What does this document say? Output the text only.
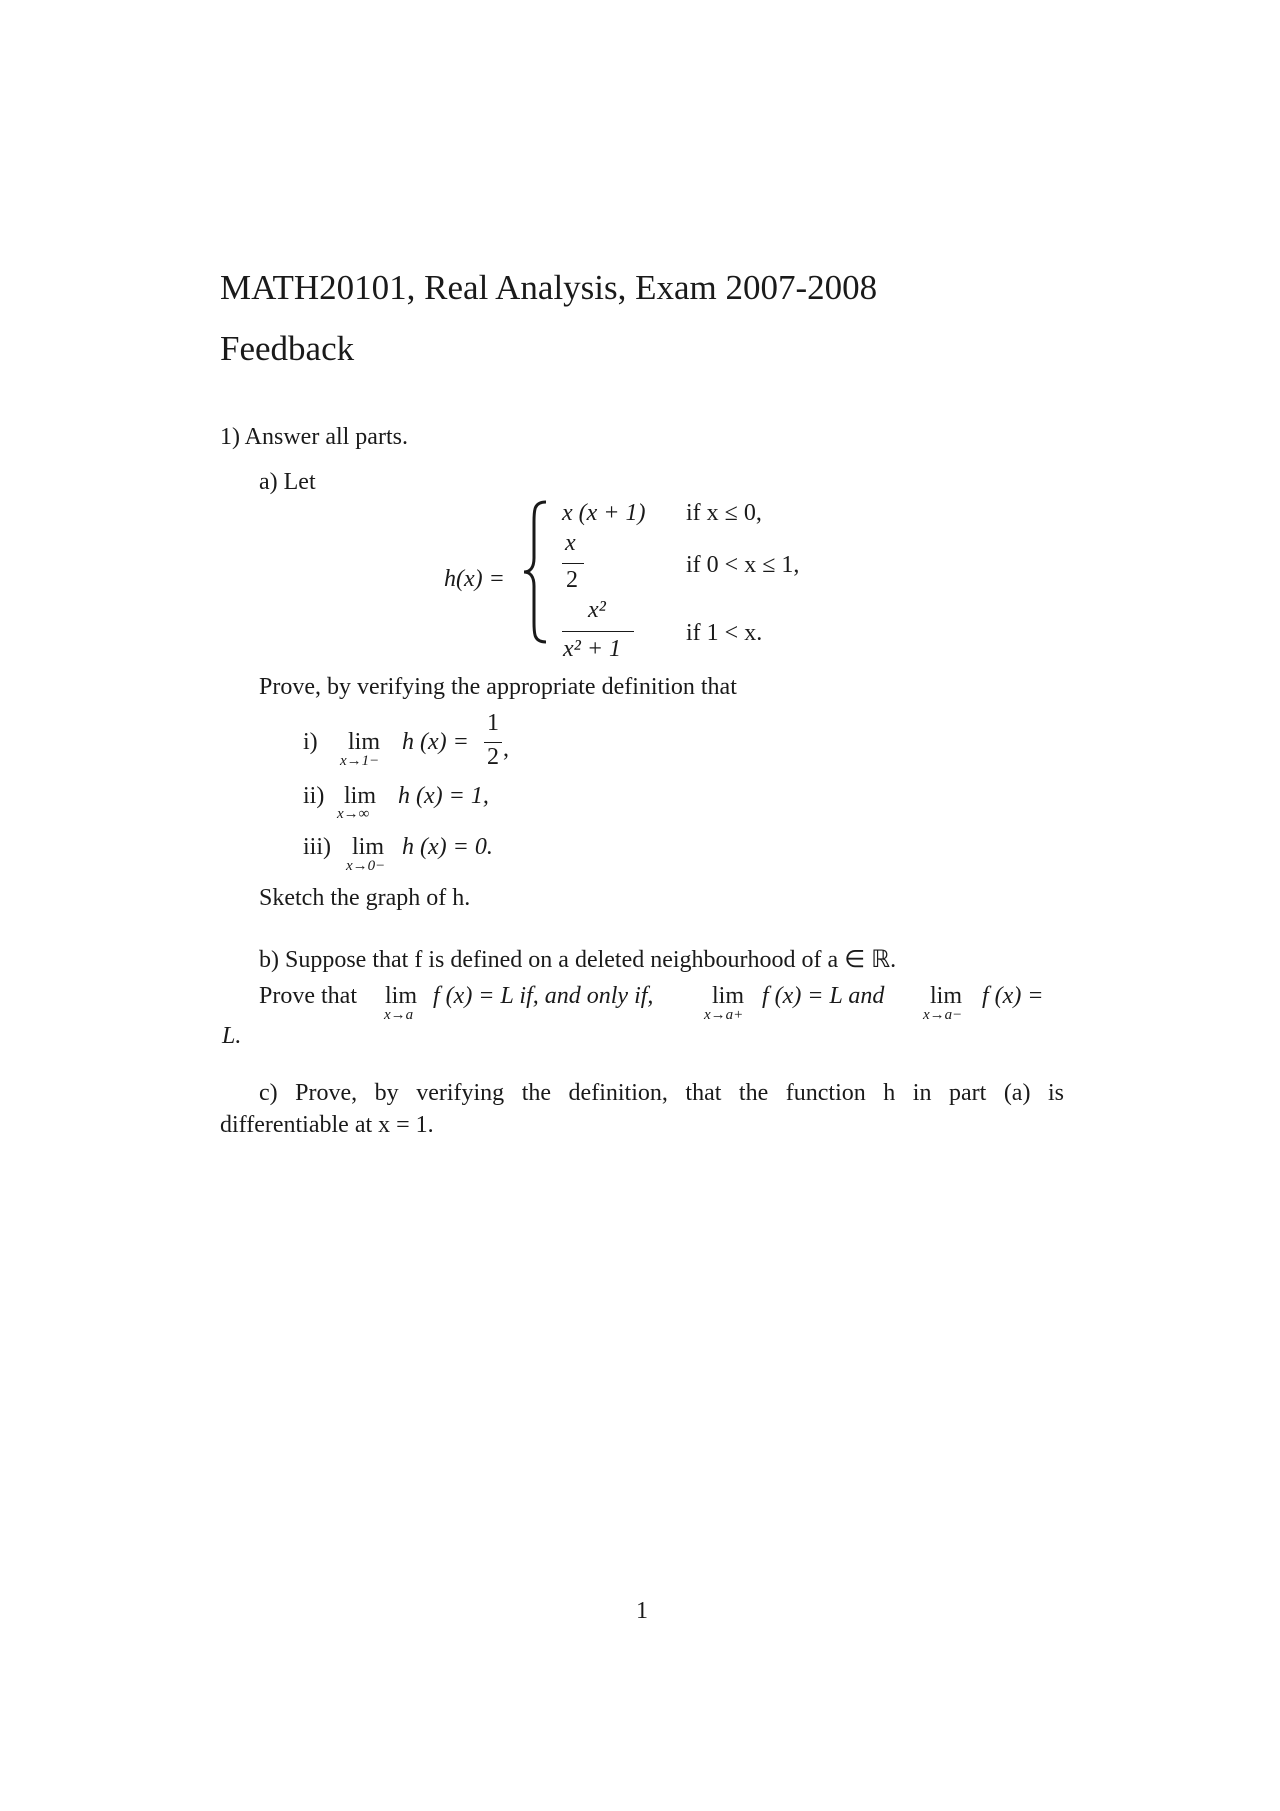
MATH20101, Real Analysis, Exam 2007-2008
Feedback
1) Answer all parts.
a) Let
h(x) =
x (x + 1) if x ≤ 0,
x
2
if 0 < x ≤ 1,
x²
x² + 1
if 1 < x.
Prove, by verifying the appropriate definition that
i) lim
x→1−
h (x) =
1
2 ,
ii) lim
x→∞
h (x) = 1,
iii) lim
x→0−
h (x) = 0.
Sketch the graph of h.
b) Suppose that f is defined on a deleted neighbourhood of a ∈ ℝ.
Prove that lim
x→a
f (x) = L if, and only if, lim
x→a+
f (x) = L and lim
x→a−
f (x) =
L.
c) Prove, by verifying the definition, that the function h in part (a) is
differentiable at x = 1.
1
